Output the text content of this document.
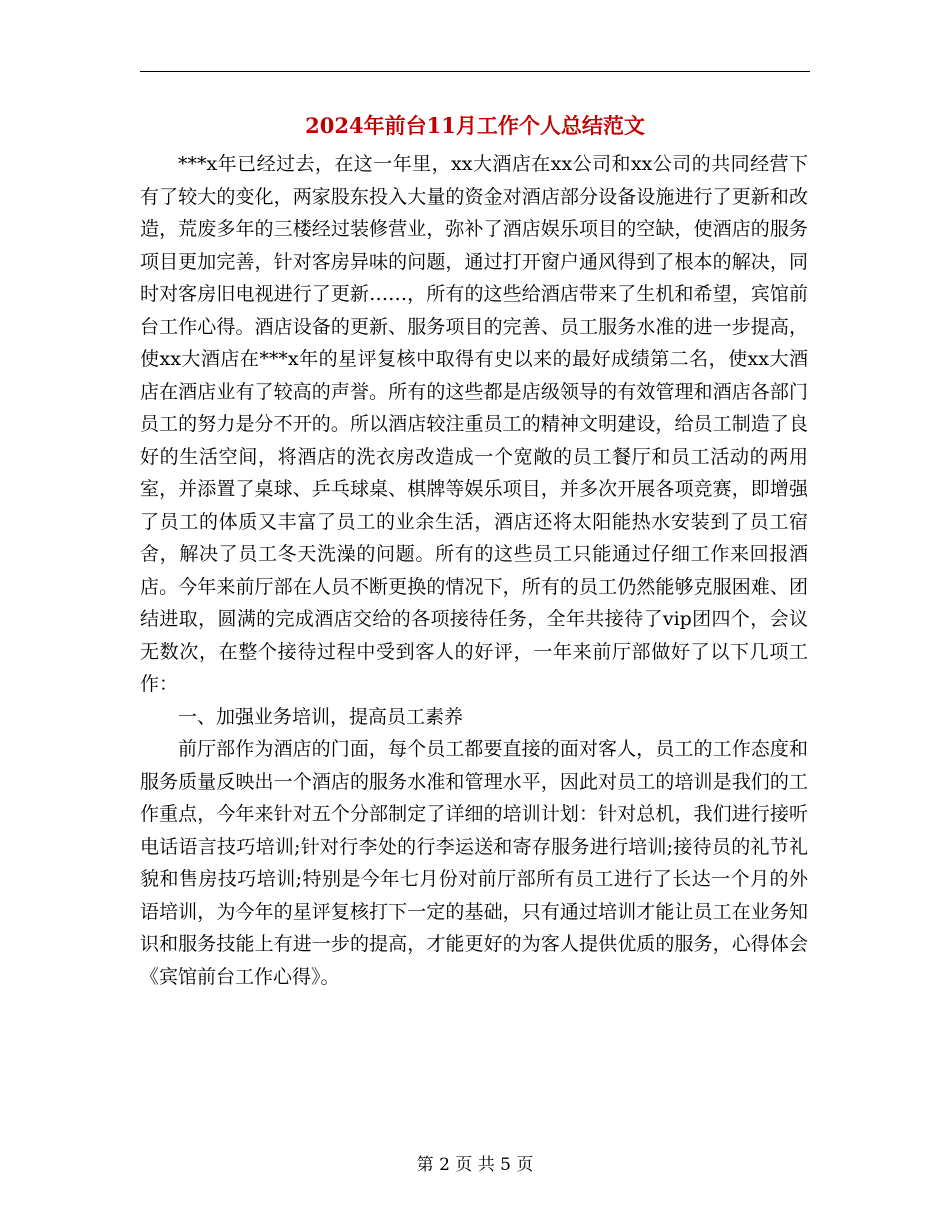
2024年前台11月工作个人总结范文

***x年已经过去，在这一年里，xx大酒店在xx公司和xx公司的共同经营下有了较大的变化，两家股东投入大量的资金对酒店部分设备设施进行了更新和改造，荒废多年的三楼经过装修营业，弥补了酒店娱乐项目的空缺，使酒店的服务项目更加完善，针对客房异味的问题，通过打开窗户通风得到了根本的解决，同时对客房旧电视进行了更新……，所有的这些给酒店带来了生机和希望，宾馆前台工作心得。酒店设备的更新、服务项目的完善、员工服务水准的进一步提高，使xx大酒店在***x年的星评复核中取得有史以来的最好成绩第二名，使xx大酒店在酒店业有了较高的声誉。所有的这些都是店级领导的有效管理和酒店各部门员工的努力是分不开的。所以酒店较注重员工的精神文明建设，给员工制造了良好的生活空间，将酒店的洗衣房改造成一个宽敞的员工餐厅和员工活动的两用室，并添置了桌球、乒乓球桌、棋牌等娱乐项目，并多次开展各项竞赛，即增强了员工的体质又丰富了员工的业余生活，酒店还将太阳能热水安装到了员工宿舍，解决了员工冬天洗澡的问题。所有的这些员工只能通过仔细工作来回报酒店。今年来前厅部在人员不断更换的情况下，所有的员工仍然能够克服困难、团结进取，圆满的完成酒店交给的各项接待任务，全年共接待了vip团四个，会议无数次，在整个接待过程中受到客人的好评，一年来前厅部做好了以下几项工作：

一、加强业务培训，提高员工素养

前厅部作为酒店的门面，每个员工都要直接的面对客人，员工的工作态度和服务质量反映出一个酒店的服务水准和管理水平，因此对员工的培训是我们的工作重点，今年来针对五个分部制定了详细的培训计划：针对总机，我们进行接听电话语言技巧培训;针对行李处的行李运送和寄存服务进行培训;接待员的礼节礼貌和售房技巧培训;特别是今年七月份对前厅部所有员工进行了长达一个月的外语培训，为今年的星评复核打下一定的基础，只有通过培训才能让员工在业务知识和服务技能上有进一步的提高，才能更好的为客人提供优质的服务，心得体会《宾馆前台工作心得》。

第 2 页 共 5 页
